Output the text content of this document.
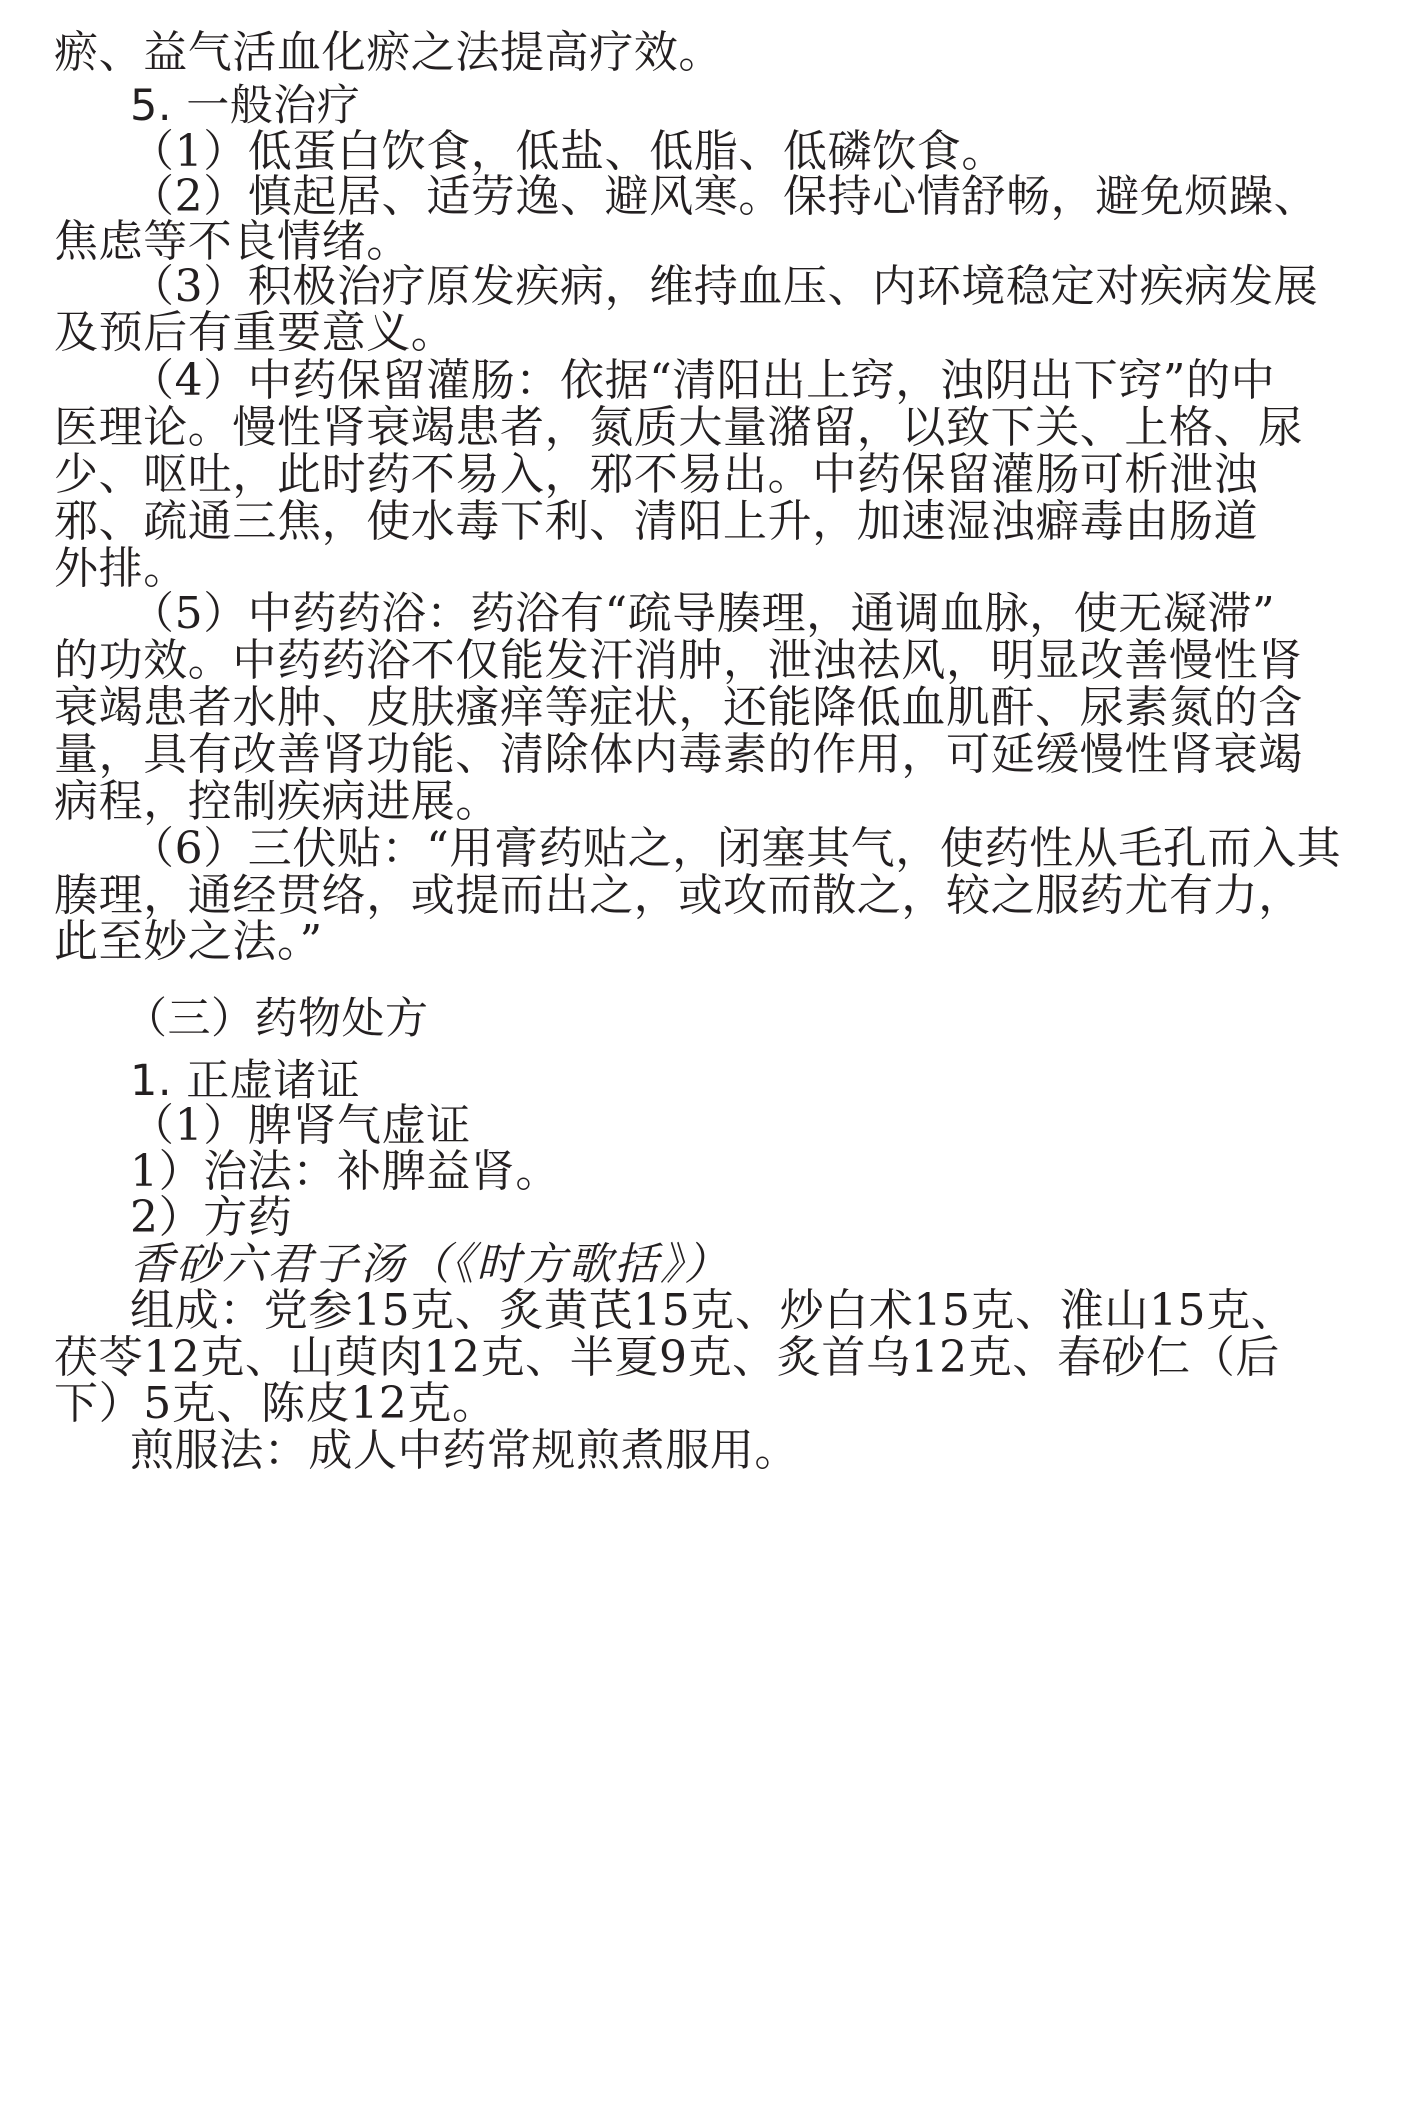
瘀、益气活血化瘀之法提高疗效。
5. 一般治疗
（1）低蛋白饮食，低盐、低脂、低磷饮食。
（2）慎起居、适劳逸、避风寒。保持心情舒畅，避免烦躁、
焦虑等不良情绪。
（3）积极治疗原发疾病，维持血压、内环境稳定对疾病发展
及预后有重要意义。
（4）中药保留灌肠：依据“清阳出上窍，浊阴出下窍”的中
医理论。慢性肾衰竭患者，氮质大量潴留，以致下关、上格、尿
少、呕吐，此时药不易入，邪不易出。中药保留灌肠可析泄浊
邪、疏通三焦，使水毒下利、清阳上升，加速湿浊癖毒由肠道
外排。
（5）中药药浴：药浴有“疏导腠理，通调血脉，使无凝滞”
的功效。中药药浴不仅能发汗消肿，泄浊祛风，明显改善慢性肾
衰竭患者水肿、皮肤瘙痒等症状，还能降低血肌酐、尿素氮的含
量，具有改善肾功能、清除体内毒素的作用，可延缓慢性肾衰竭
病程，控制疾病进展。
（6）三伏贴：“用膏药贴之，闭塞其气，使药性从毛孔而入其
腠理，通经贯络，或提而出之，或攻而散之，较之服药尤有力，
此至妙之法。”
（三）药物处方
1. 正虚诸证
（1）脾肾气虚证
1）治法：补脾益肾。
2）方药
香砂六君子汤（《时方歌括》）
组成：党参15克、炙黄芪15克、炒白术15克、淮山15克、
茯苓12克、山萸肉12克、半夏9克、炙首乌12克、春砂仁（后
下）5克、陈皮12克。
煎服法：成人中药常规煎煮服用。
